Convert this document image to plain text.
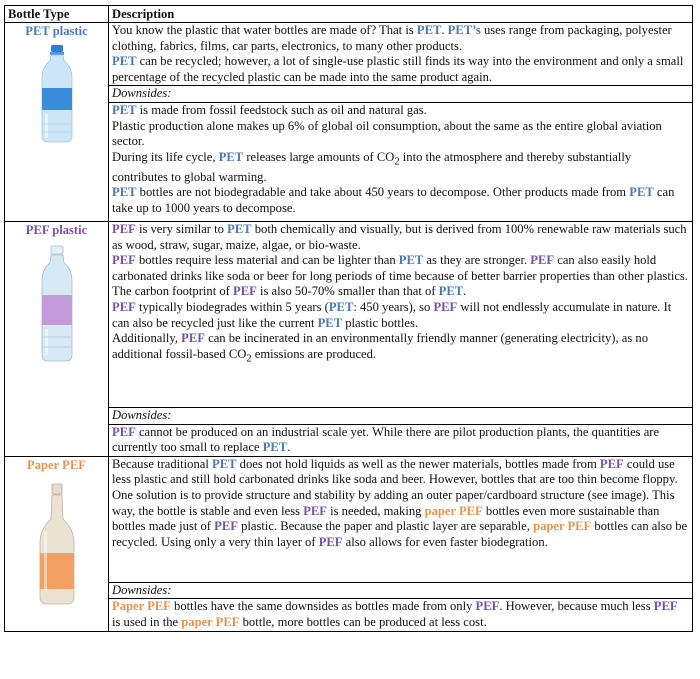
Bottle Type	Description

PET plastic	You know the plastic that water bottles are made of? That is PET. PET’s uses range from packaging, polyester clothing, fabrics, films, car parts, electronics, to many other products.

PET can be recycled; however, a lot of single-use plastic still finds its way into the environment and only a small percentage of the recycled plastic can be made into the same product again.

	Downsides:

	PET is made from fossil feedstock such as oil and natural gas.

Plastic production alone makes up 6% of global oil consumption, about the same as the entire global aviation sector.

During its life cycle, PET releases large amounts of $CO_2$ into the atmosphere and thereby substantially contributes to global warming.

PET bottles are not biodegradable and take about 450 years to decompose. Other products made from PET can take up to 1000 years to decompose.

PEF plastic	PEF is very similar to PET both chemically and visually, but is derived from 100% renewable raw materials such as wood, straw, sugar, maize, algae, or bio-waste.

PEF bottles require less material and can be lighter than PET as they are stronger. PEF can also easily hold carbonated drinks like soda or beer for long periods of time because of better barrier properties than other plastics. The carbon footprint of PEF is also 50-70% smaller than that of PET.

PEF typically biodegrades within 5 years (PET: 450 years), so PEF will not endlessly accumulate in nature. It can also be recycled just like the current PET plastic bottles.

Additionally, PEF can be incinerated in an environmentally friendly manner (generating electricity), as no additional fossil-based $CO_2$ emissions are produced.

	Downsides:

	PEF cannot be produced on an industrial scale yet. While there are pilot production plants, the quantities are currently too small to replace PET.

Paper PEF	Because traditional PET does not hold liquids as well as the newer materials, bottles made from PEF could use less plastic and still hold carbonated drinks like soda and beer. However, bottles that are too thin become floppy. One solution is to provide structure and stability by adding an outer paper/cardboard structure (see image). This way, the bottle is stable and even less PEF is needed, making paper PEF bottles even more sustainable than bottles made just of PEF plastic. Because the paper and plastic layer are separable, paper PEF bottles can also be recycled. Using only a very thin layer of PEF also allows for even faster biodegration.

	Downsides:

	Paper PEF bottles have the same downsides as bottles made from only PEF. However, because much less PEF is used in the paper PEF bottle, more bottles can be produced at less cost.
